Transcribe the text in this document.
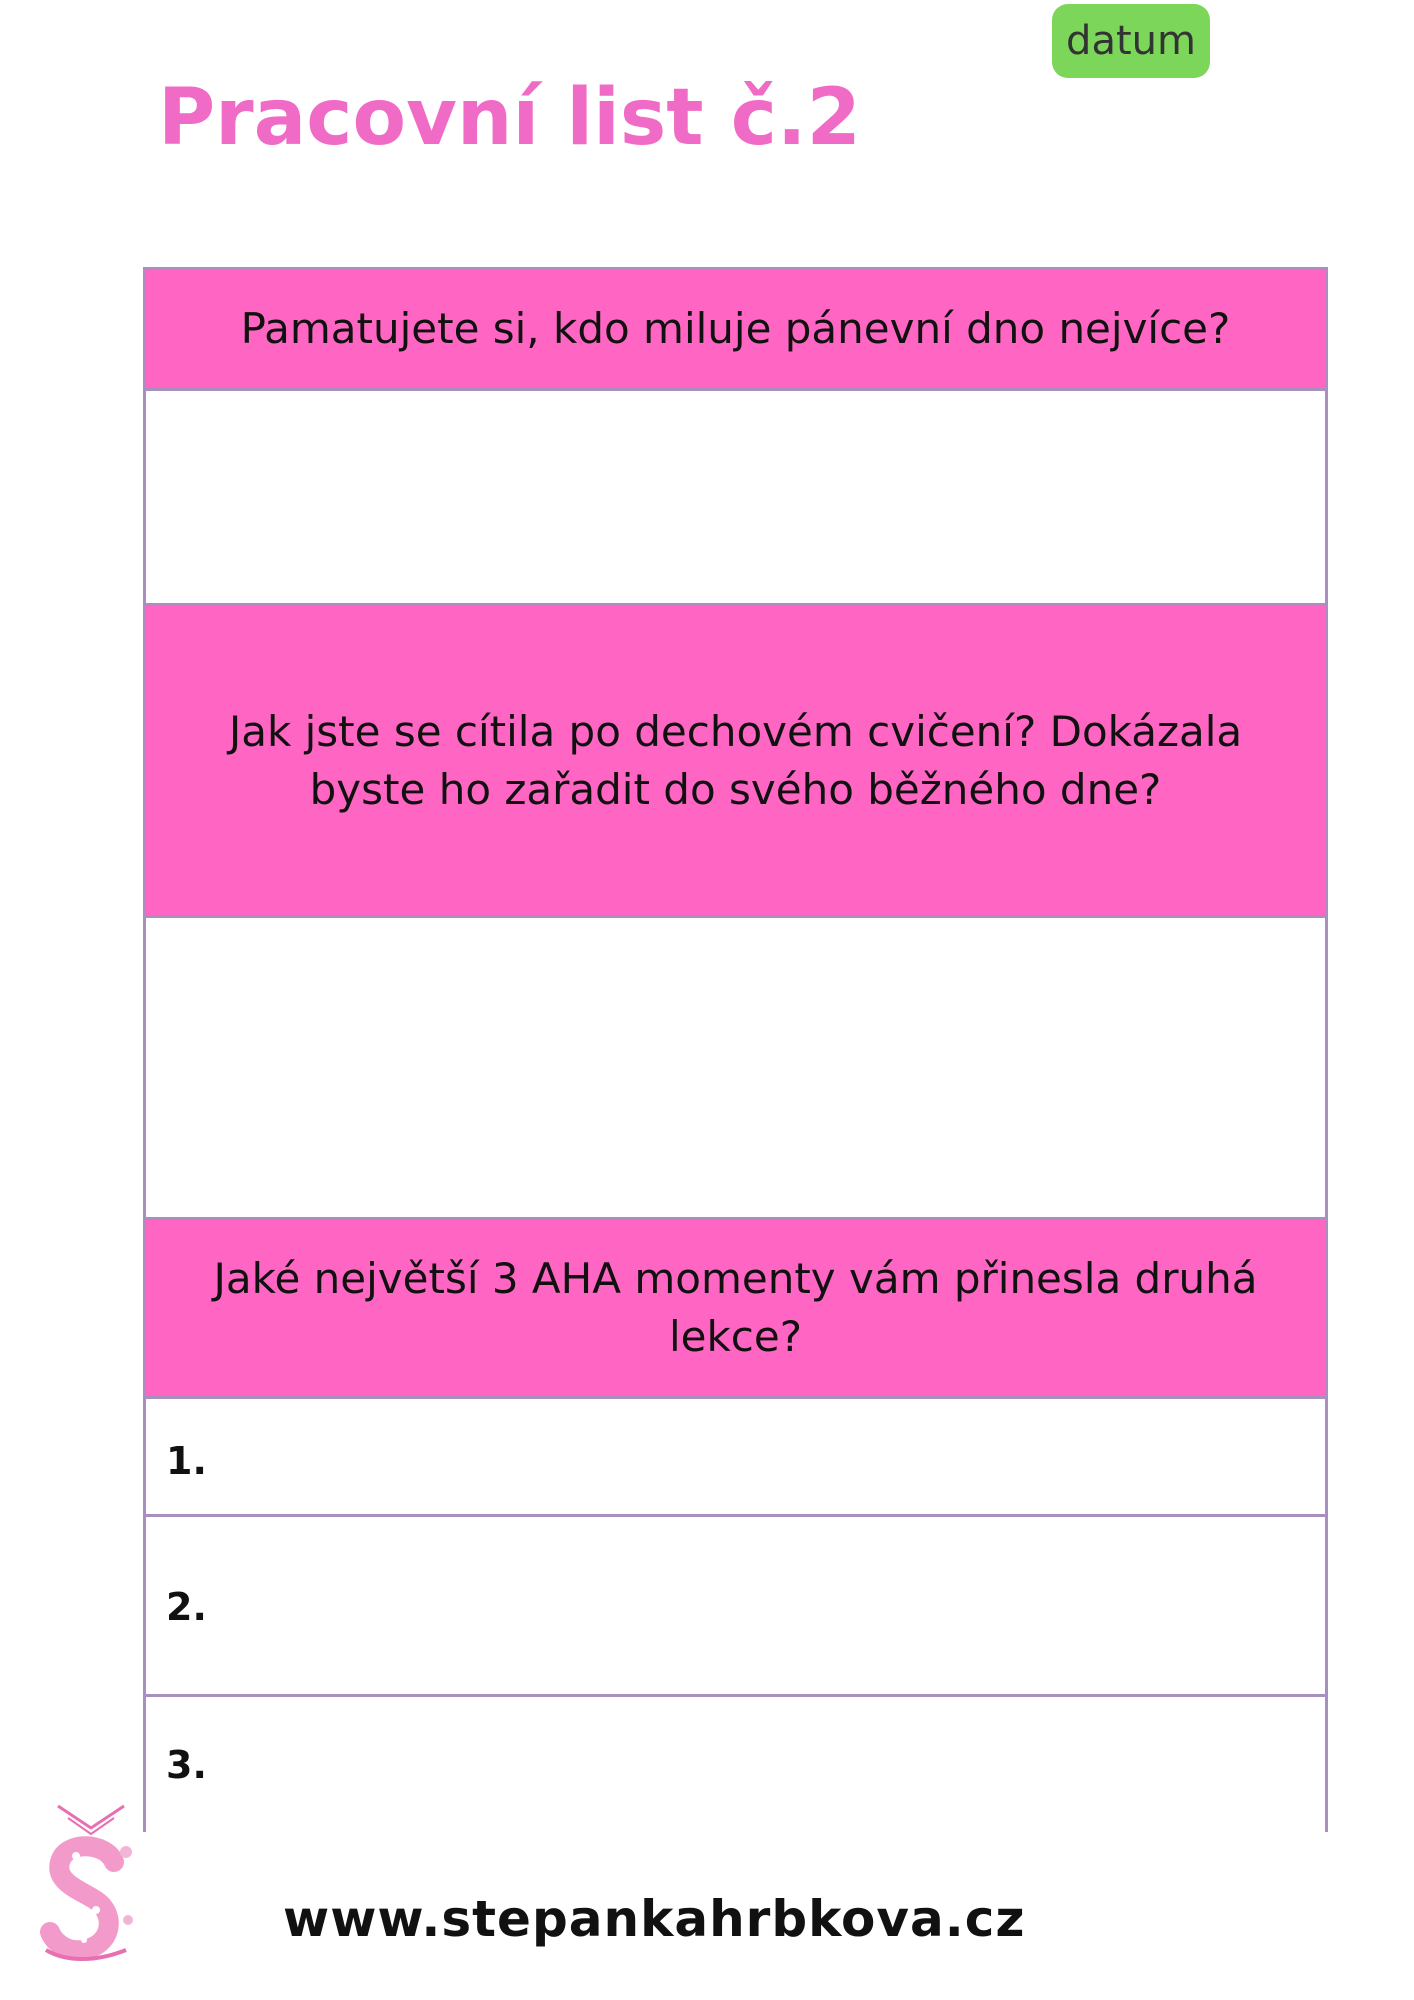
Pracovní list č.2
datum
Pamatujete si, kdo miluje pánevní dno nejvíce?
Jak jste se cítila po dechovém cvičení? Dokázala byste ho zařadit do svého běžného dne?
Jaké největší 3 AHA momenty vám přinesla druhá lekce?
1.
2.
3.
www.stepankahrbkova.cz
